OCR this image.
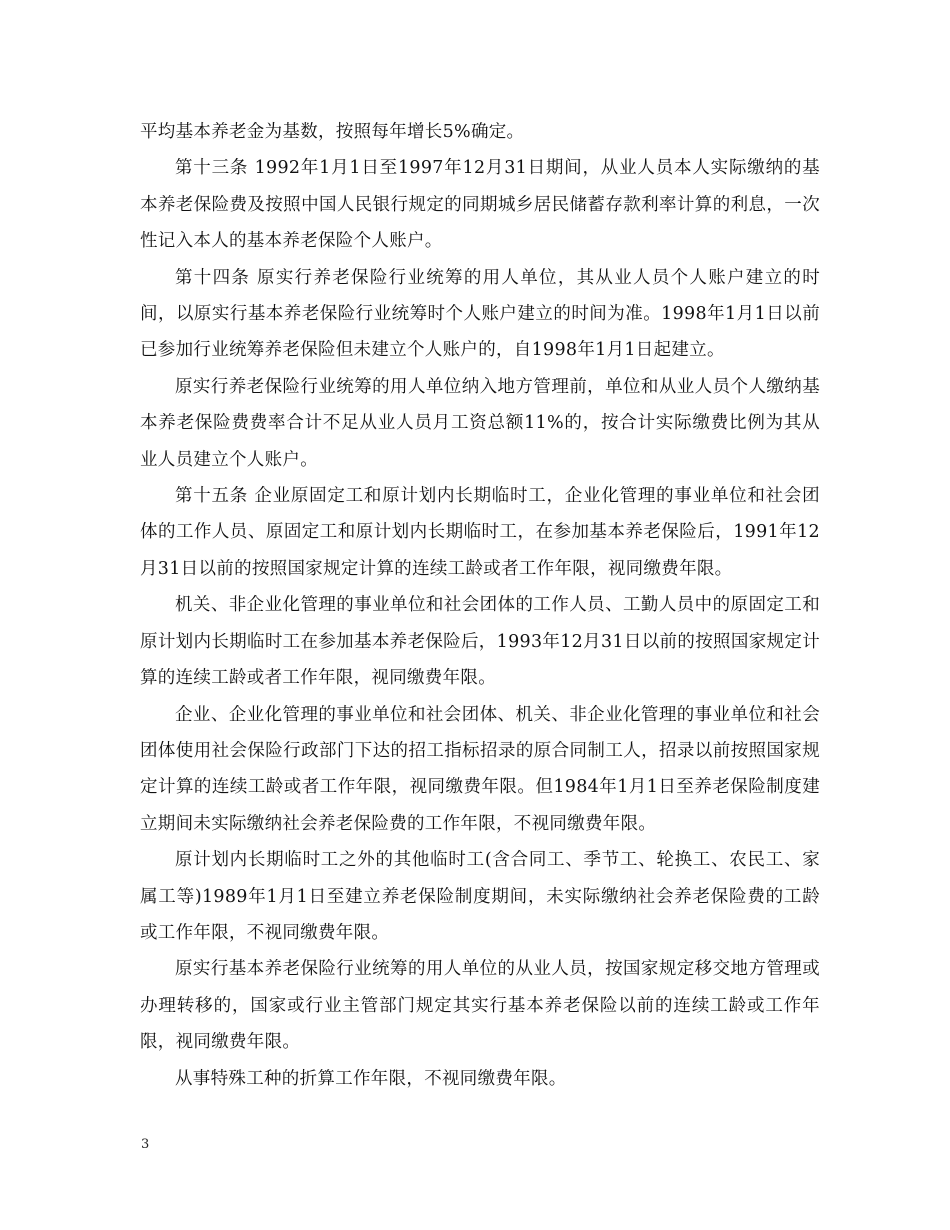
平均基本养老金为基数，按照每年增长5%确定。

第十三条 1992年1月1日至1997年12月31日期间，从业人员本人实际缴纳的基本养老保险费及按照中国人民银行规定的同期城乡居民储蓄存款利率计算的利息，一次性记入本人的基本养老保险个人账户。

第十四条 原实行养老保险行业统筹的用人单位，其从业人员个人账户建立的时间，以原实行基本养老保险行业统筹时个人账户建立的时间为准。1998年1月1日以前已参加行业统筹养老保险但未建立个人账户的，自1998年1月1日起建立。

原实行养老保险行业统筹的用人单位纳入地方管理前，单位和从业人员个人缴纳基本养老保险费费率合计不足从业人员月工资总额11%的，按合计实际缴费比例为其从业人员建立个人账户。

第十五条 企业原固定工和原计划内长期临时工，企业化管理的事业单位和社会团体的工作人员、原固定工和原计划内长期临时工，在参加基本养老保险后，1991年12月31日以前的按照国家规定计算的连续工龄或者工作年限，视同缴费年限。

机关、非企业化管理的事业单位和社会团体的工作人员、工勤人员中的原固定工和原计划内长期临时工在参加基本养老保险后，1993年12月31日以前的按照国家规定计算的连续工龄或者工作年限，视同缴费年限。

企业、企业化管理的事业单位和社会团体、机关、非企业化管理的事业单位和社会团体使用社会保险行政部门下达的招工指标招录的原合同制工人，招录以前按照国家规定计算的连续工龄或者工作年限，视同缴费年限。但1984年1月1日至养老保险制度建立期间未实际缴纳社会养老保险费的工作年限，不视同缴费年限。

原计划内长期临时工之外的其他临时工(含合同工、季节工、轮换工、农民工、家属工等)1989年1月1日至建立养老保险制度期间，未实际缴纳社会养老保险费的工龄或工作年限，不视同缴费年限。

原实行基本养老保险行业统筹的用人单位的从业人员，按国家规定移交地方管理或办理转移的，国家或行业主管部门规定其实行基本养老保险以前的连续工龄或工作年限，视同缴费年限。

从事特殊工种的折算工作年限，不视同缴费年限。

3
